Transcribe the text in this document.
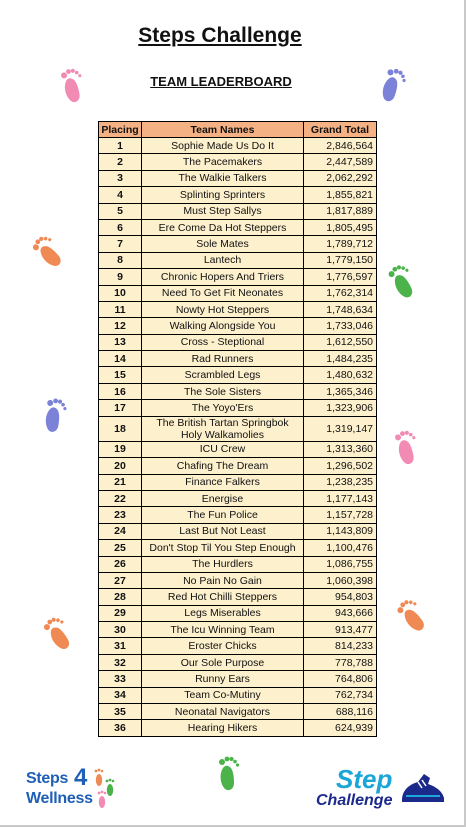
Steps Challenge
TEAM LEADERBOARD
Placing	Team Names	Grand Total
1	Sophie Made Us Do It	2,846,564
2	The Pacemakers	2,447,589
3	The Walkie Talkers	2,062,292
4	Splinting Sprinters	1,855,821
5	Must Step Sallys	1,817,889
6	Ere Come Da Hot Steppers	1,805,495
7	Sole Mates	1,789,712
8	Lantech	1,779,150
9	Chronic Hopers And Triers	1,776,597
10	Need To Get Fit Neonates	1,762,314
11	Nowty Hot Steppers	1,748,634
12	Walking Alongside You	1,733,046
13	Cross - Steptional	1,612,550
14	Rad Runners	1,484,235
15	Scrambled Legs	1,480,632
16	The Sole Sisters	1,365,346
17	The Yoyo'Ers	1,323,906
18	The British Tartan Springbok Holy Walkamolies	1,319,147
19	ICU Crew	1,313,360
20	Chafing The Dream	1,296,502
21	Finance Falkers	1,238,235
22	Energise	1,177,143
23	The Fun Police	1,157,728
24	Last But Not Least	1,143,809
25	Don't Stop Til You Step Enough	1,100,476
26	The Hurdlers	1,086,755
27	No Pain No Gain	1,060,398
28	Red Hot Chilli Steppers	954,803
29	Legs Miserables	943,666
30	The Icu Winning Team	913,477
31	Eroster Chicks	814,233
32	Our Sole Purpose	778,788
33	Runny Ears	764,806
34	Team Co-Mutiny	762,734
35	Neonatal Navigators	688,116
36	Hearing Hikers	624,939
Steps 4
Wellness
Step
Challenge
